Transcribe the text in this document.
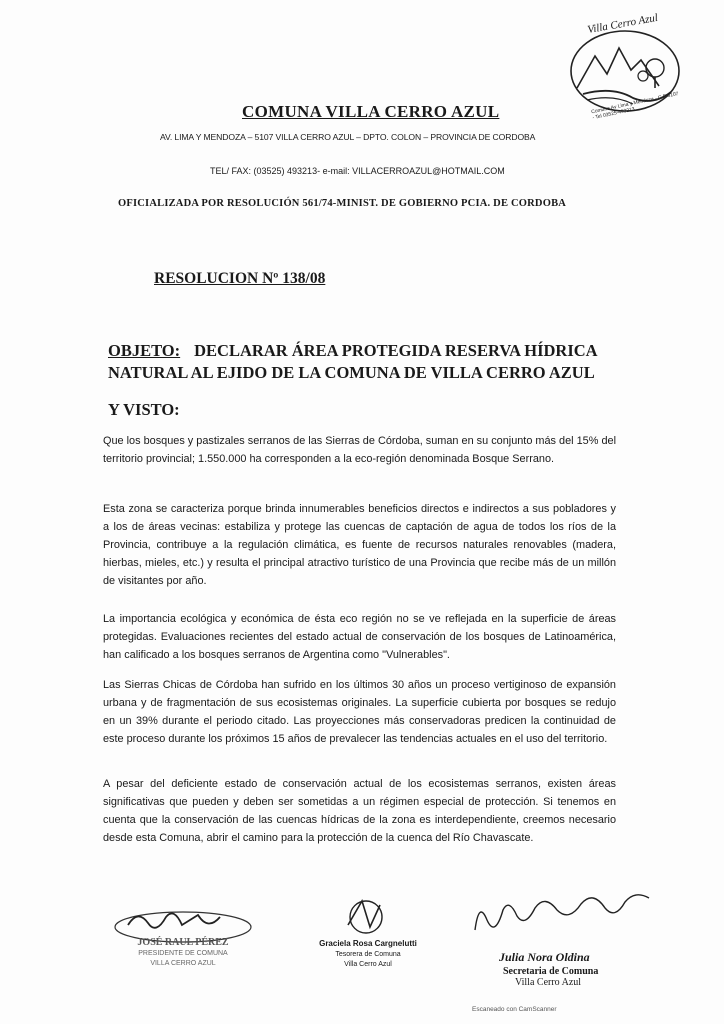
Villa Cerro Azul
Comuna Av Lima y Mendoza - C.P 5107 - Tel 03525-493213
COMUNA VILLA CERRO AZUL
AV. LIMA Y MENDOZA – 5107 VILLA CERRO AZUL – DPTO. COLON – PROVINCIA DE CORDOBA
TEL/ FAX: (03525) 493213- e-mail: VILLACERROAZUL@HOTMAIL.COM
OFICIALIZADA POR RESOLUCIÓN 561/74-MINIST. DE GOBIERNO PCIA. DE CORDOBA
RESOLUCION Nº 138/08
OBJETO: DECLARAR ÁREA PROTEGIDA RESERVA HÍDRICA NATURAL AL EJIDO DE LA COMUNA DE VILLA CERRO AZUL
Y VISTO:
Que los bosques y pastizales serranos de las Sierras de Córdoba, suman en su conjunto más del 15% del territorio provincial; 1.550.000 ha corresponden a la eco-región denominada Bosque Serrano.
Esta zona se caracteriza porque brinda innumerables beneficios directos e indirectos a sus pobladores y a los de áreas vecinas: estabiliza y protege las cuencas de captación de agua de todos los ríos de la Provincia, contribuye a la regulación climática, es fuente de recursos naturales renovables (madera, hierbas, mieles, etc.) y resulta el principal atractivo turístico de una Provincia que recibe más de un millón de visitantes por año.
La importancia ecológica y económica de ésta eco región no se ve reflejada en la superficie de áreas protegidas. Evaluaciones recientes del estado actual de conservación de los bosques de Latinoamérica, han calificado a los bosques serranos de Argentina como "Vulnerables".
Las Sierras Chicas de Córdoba han sufrido en los últimos 30 años un proceso vertiginoso de expansión urbana y de fragmentación de sus ecosistemas originales. La superficie cubierta por bosques se redujo en un 39% durante el periodo citado. Las proyecciones más conservadoras predicen la continuidad de este proceso durante los próximos 15 años de prevalecer las tendencias actuales en el uso del territorio.
A pesar del deficiente estado de conservación actual de los ecosistemas serranos, existen áreas significativas que pueden y deben ser sometidas a un régimen especial de protección. Si tenemos en cuenta que la conservación de las cuencas hídricas de la zona es interdependiente, creemos necesario desde esta Comuna, abrir el camino para la protección de la cuenca del Río Chavascate.
JOSÉ RAUL PÉREZ
PRESIDENTE DE COMUNA
VILLA CERRO AZUL
Graciela Rosa Cargnelutti
Tesorera de Comuna
Villa Cerro Azul
Julia Nora Oldina
Secretaria de Comuna
Villa Cerro Azul
Escaneado con CamScanner
